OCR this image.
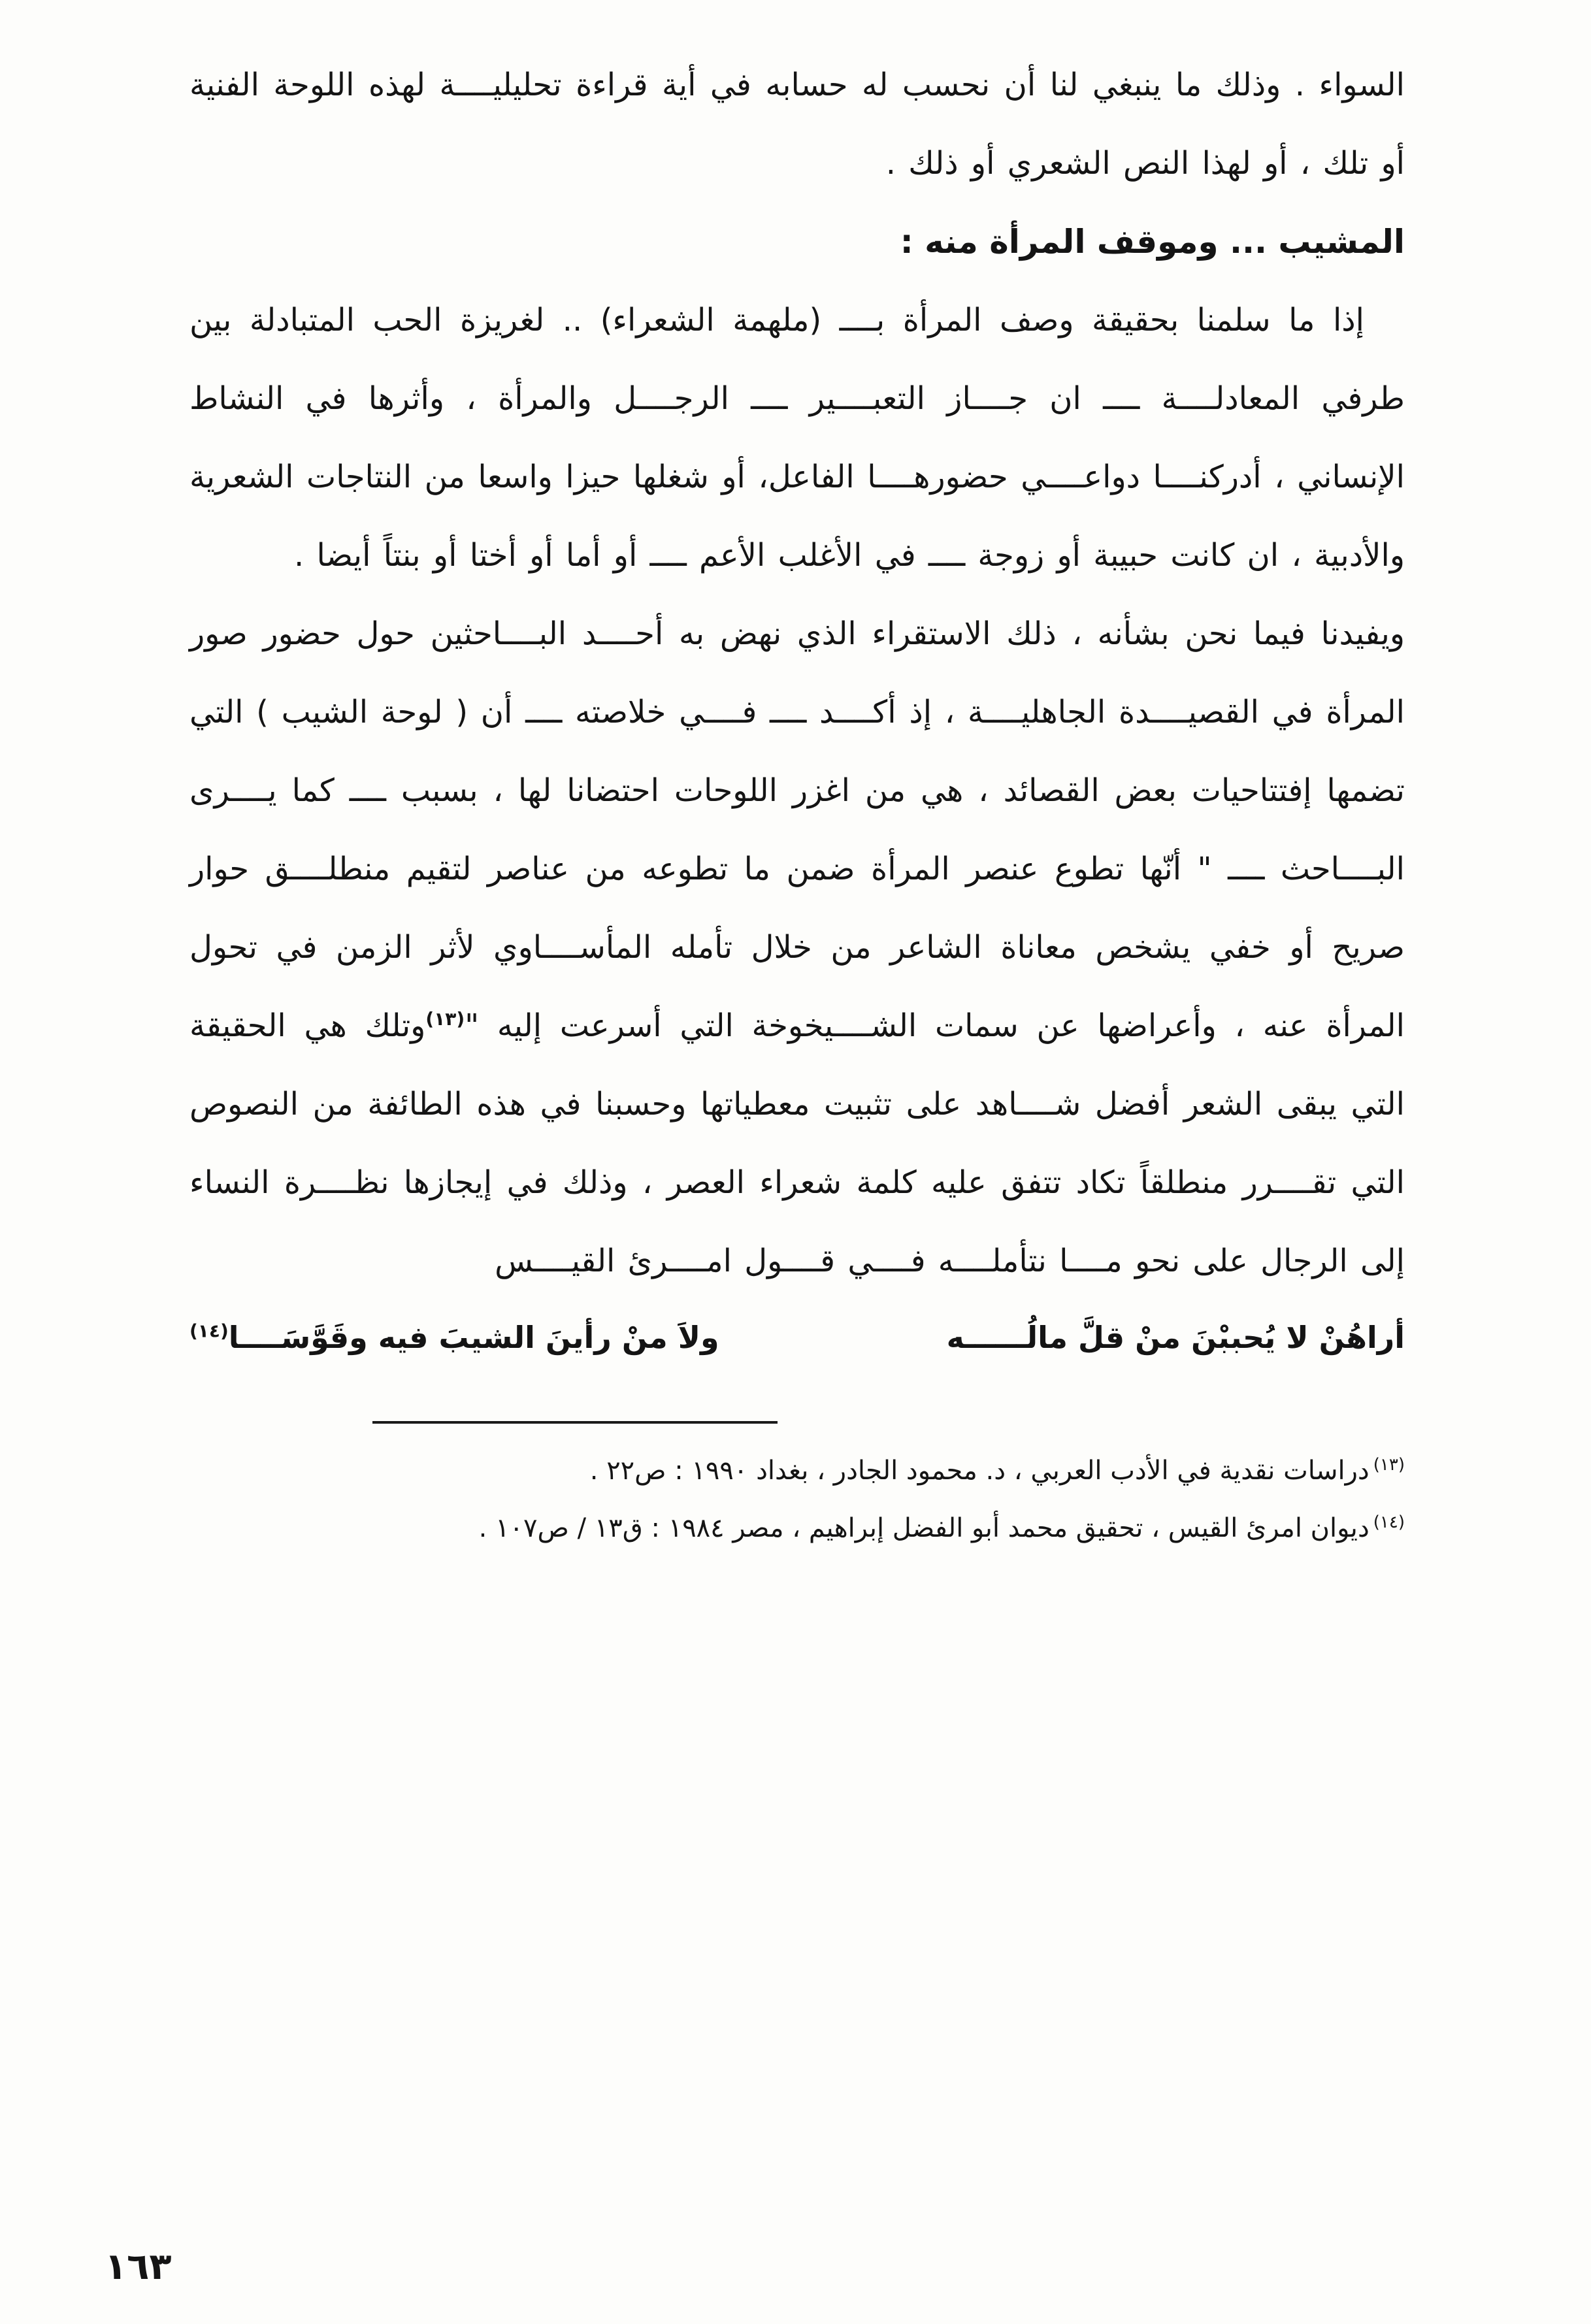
السواء . وذلك ما ينبغي لنا أن نحسب له حسابه في أية قراءة تحليليــــة لهذه اللوحة الفنية أو تلك ، أو لهذا النص الشعري أو ذلك .

المشيب ... وموقف المرأة منه :

إذا ما سلمنا بحقيقة وصف المرأة بــــ (ملهمة الشعراء) .. لغريزة الحب المتبادلة بين طرفي المعادلــــة ــــ ان جــــاز التعبــــير ــــ الرجــــل والمرأة ، وأثرها في النشاط الإنساني ، أدركنــــا دواعــــي حضورهــــا الفاعل، أو شغلها حيزا واسعا من النتاجات الشعرية والأدبية ، ان كانت حبيبة أو زوجة ــــ في الأغلب الأعم ــــ أو أما أو أختا أو بنتاً أيضا .

ويفيدنا فيما نحن بشأنه ، ذلك الاستقراء الذي نهض به أحــــد البــــاحثين حول حضور صور المرأة في القصيــــدة الجاهليــــة ، إذ أكــــد ــــ فــــي خلاصته ــــ أن ( لوحة الشيب ) التي تضمها إفتتاحيات بعض القصائد ، هي من اغزر اللوحات احتضانا لها ، بسبب ــــ كما يــــرى البــــاحث ــــ " أنّها تطوع عنصر المرأة ضمن ما تطوعه من عناصر لتقيم منطلــــق حوار صريح أو خفي يشخص معاناة الشاعر من خلال تأمله المأســــاوي لأثر الزمن في تحول المرأة عنه ، وأعراضها عن سمات الشــــيخوخة التي أسرعت إليه "$^{(١٣)}$وتلك هي الحقيقة التي يبقى الشعر أفضل شــــاهد على تثبيت معطياتها وحسبنا في هذه الطائفة من النصوص التي تقــــرر منطلقاً تكاد تتفق عليه كلمة شعراء العصر ، وذلك في إيجازها نظــــرة النساء إلى الرجال على نحو مــــا نتأملــــه فــــي قــــول امــــرئ القيــــس

أراهُنْ لا يُحببْنَ منْ قلَّ مالُــــــه
ولاَ منْ رأينَ الشيبَ فيه وقَوَّسَــــا$^{(١٤)}$

$^{(١٣)}$دراسات نقدية في الأدب العربي ، د. محمود الجادر ، بغداد ١٩٩٠ : ص٢٢ .

$^{(١٤)}$ديوان امرئ القيس ، تحقيق محمد أبو الفضل إبراهيم ، مصر ١٩٨٤ : ق١٣ / ص١٠٧ .

١٦٣
